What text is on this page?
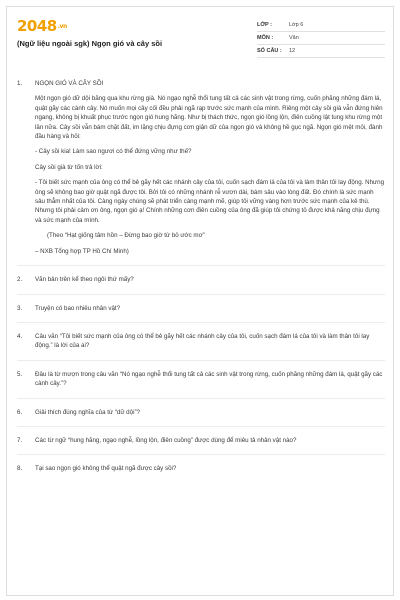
2048.vn
(Ngữ liệu ngoài sgk) Ngọn gió và cây sồi
LỚP :	Lớp 6
MÔN :	Văn
SỐ CÂU :	12
1.	NGỌN GIÓ VÀ CÂY SỒI
Một ngọn gió dữ dội băng qua khu rừng già. Nó ngạo nghễ thổi tung tất cả các sinh vật trong rừng, cuốn phăng những đám lá, quật gãy các cành cây. Nó muốn mọi cây cối đều phải ngã rạp trước sức mạnh của mình. Riêng một cây sồi già vẫn đứng hiên ngang, không bị khuất phục trước ngọn gió hung hãng. Như bị thách thức, ngọn gió lồng lộn, điên cuồng lật tung khu rừng một lần nữa. Cây sồi vẫn bám chặt đất, im lặng chịu đựng cơn giận dữ của ngọn gió và không hề gục ngã. Ngọn gió mệt mỏi, đành đầu hàng và hỏi:
- Cây sồi kia! Làm sao ngươi có thể đứng vững như thế?
Cây sồi già từ tốn trả lời:
- Tôi biết sức mạnh của ông có thể bẻ gãy hết các nhánh cây của tôi, cuốn sạch đám lá của tôi và làm thân tôi lay động. Nhưng ông sẽ không bao giờ quật ngã được tôi. Bởi tôi có những nhánh rễ vươn dài, bám sâu vào lòng đất. Đó chính là sức mạnh sâu thẳm nhất của tôi. Càng ngày chúng sẽ phát triển càng mạnh mẽ, giúp tôi vững vàng hơn trước sức mạnh của kẻ thù. Nhưng tôi phải cảm ơn ông, ngọn gió ạ! Chính những cơn điên cuồng của ông đã giúp tôi chứng tỏ được khả năng chịu đựng và sức mạnh của mình.
(Theo “Hạt giống tâm hồn – Đừng bao giờ từ bỏ ước mơ”
– NXB Tổng hợp TP Hồ Chí Minh)
2.	Văn bản trên kể theo ngôi thứ mấy?
3.	Truyện có bao nhiêu nhân vật?
4.	Câu văn “Tôi biết sức mạnh của ông có thể bẻ gãy hết các nhánh cây của tôi, cuốn sạch đám lá của tôi và làm thân tôi lay động.” là lời của ai?
5.	Đâu là từ mượn trong câu văn “Nó ngạo nghễ thổi tung tất cả các sinh vật trong rừng, cuốn phăng những đám lá, quật gãy các cành cây.”?
6.	Giải thích đúng nghĩa của từ “dữ dội”?
7.	Các từ ngữ “hung hăng, ngạo nghễ, lồng lộn, điên cuồng” được dùng để miêu tả nhân vật nào?
8.	Tại sao ngọn gió không thể quật ngã được cây sồi?
